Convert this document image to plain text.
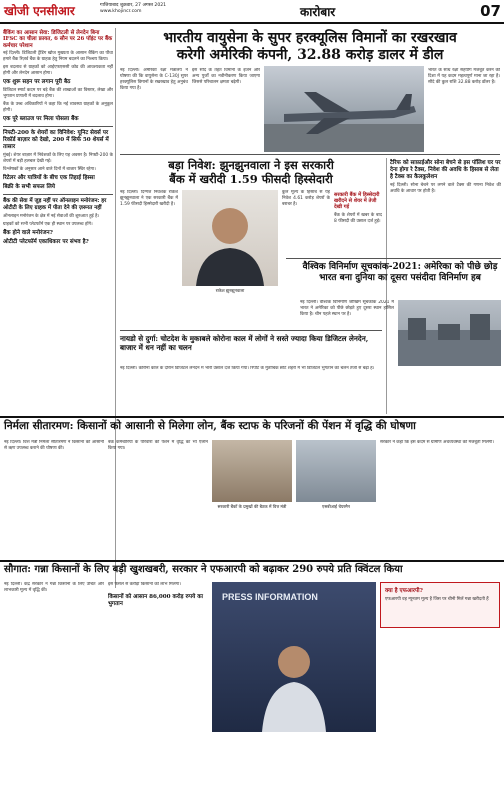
खोजी एनसीआर	गाजियाबाद शुक्रवार, 27 अगस्त 2021
www.khojincr.com	कारोबार	07
बैंकिंग का आसान सेवा: डिजिटली से लेनदेन बिना IFSC का चीला फ्रायत, 6 सौन पर 26 पॉइंट पर बैंक कर्मचार परेशान

नई दिल्ली। डिजिटली ट्रेंडिंग खोज मुख्यता के आसान बैंकिंग का पौधा हमारे बैंक रिज़र्व बैंक के ग्राहक हेतु नियम बदलने का निश्चय किया।

इस बदलाव से ग्राहकों को आईएफएससी कोड की आवश्यकता नहीं होगी और लेनदेन आसान होगा।

एक शुरू सहन पर लगान पूरी बैठ

डिजिटल स्मार्ट कदम पर बड़े बैंक की शाखाओं का विस्तार, लेखा और भुगतान प्रणाली में बदलाव होगा।

बैंक के उच्च अधिकारियों ने कहा कि नई व्यवस्था ग्राहकों के अनुकूल होगी।

एक पूरे ब्लाउज पर मिला पोसला बैंक
निफ्टी-200 के शेयरों का विनिवेश: यूनिट सेवर्स पर रिकॉर्ड बाज़ार को देखो, 200 में सिर्फ 50 शेयर्स में तासार

मुंबई। शेयर बाज़ार में निवेशकों के लिए यह अवसर है। निफ्टी-200 के शेयरों में बड़ी हलचल देखी गई।

विश्लेषकों के अनुसार आने वाले दिनों में बाजार स्थिर रहेगा।

रिटेलर और यात्रियों के बीच एक तिहाई हिस्सा
बिक्री के सभी सफल लिये
बैंक की सेवा में जुड़ नहीं पर ऑनलाइन मनोरंजन: हर ओटीटी के लिए ग्राहक में पीता देने की ज़रूरत नहीं

ऑनलाइन मनोरंजन के क्षेत्र में नई सेवाओं की शुरुआत हुई है।

ग्राहकों को सभी प्लेटफॉर्म एक ही स्थान पर उपलब्ध होंगे।

बैंक होने वाले मनोरंजन?
ओटीटी प्लेटफॉर्म एकाधिकार पर संभव है?
भारतीय वायुसेना के सुपर हरक्यूलिस विमानों का रखरखाव
करेगी अमेरिकी कंपनी, 32.88 करोड़ डालर में डील
नई दिल्ली। अमेरिकी रक्षा मंत्रालय ने घोषणा की कि वायुसेना के C-130J सुपर हरक्यूलिस विमानों के रखरखाव हेतु अनुबंध किया गया है।
इस सौदे के तहत विमानों के इंजन और अन्य पुर्जों का नवीनीकरण किया जाएगा जिससे परिचालन क्षमता बढ़ेगी।
भारत के साथ रक्षा सहयोग मजबूत करने की दिशा में यह कदम महत्वपूर्ण माना जा रहा है। सौदे की कुल राशि 32.88 करोड़ डॉलर है।
बड़ा निवेश: झुनझुनवाला ने इस सरकारी
बैंक में खरीदी 1.59 फीसदी हिस्सेदारी
नई दिल्ली। दिग्गज निवेशक राकेश झुनझुनवाला ने एक सरकारी बैंक में 1.59 फीसदी हिस्सेदारी खरीदी है।
राकेश झुनझुनवाला
कुल मूल्य के हिसाब से यह निवेश 4.61 करोड़ शेयरों के बराबर है।
सरकारी बैंक में हिस्सेदारी खरीदने से शेयर में तेजी देखी गई
बैंक के शेयरों में खबर के बाद 8 फीसदी की उछाल दर्ज हुई।
नायडो से दुर्गा: चोटदेश के मुकाबले कोरोना काल में लोगों ने सस्ते ज्यादा किया डिजिटल लेनदेन, बाजार में धन नहीं का चलन
नई दिल्ली। कोरोना काल के दौरान डिजिटल लेनदेन में भारी उछाल दर्ज किया गया। रिपोर्ट के मुताबिक छोटे शहरों में भी डिजिटल भुगतान का चलन तेजी से बढ़ा है।
टैरिफ को साफ़ाईऔर सोना बेचने से इस पॉलिश घर पर देना होगा रे टैक्स, निवेश की अवधि के हिसाब से लेता है टैक्स का कैलकुलेशन
नई दिल्ली। सोना बेचने पर लगने वाले टैक्स की गणना निवेश की अवधि के आधार पर होती है।
वैश्विक विनिर्माण सूचकांक-2021: अमेरिका को पीछे छोड़ भारत बना दुनिया का दूसरा पसंदीदा विनिर्माण हब
नई दिल्ली। वैश्विक विनिर्माण जोखिम सूचकांक 2021 में भारत ने अमेरिका को पीछे छोड़ते हुए दूसरा स्थान हासिल किया है। चीन पहले स्थान पर है।
निर्मला सीतारमण: किसानों को आसानी से मिलेगा लोन, बैंक स्टाफ के परिजनों की पेंशन में वृद्धि की घोषणा
नई दिल्ली। वित्त मंत्री निर्मला सीतारमण ने किसानों को आसानी से ऋण उपलब्ध कराने की घोषणा की।
बैंक कर्मचारियों के परिवारों की पेंशन में वृद्धि का भी ऐलान किया गया।
सरकारी बैंकों के प्रमुखों की बैठक में वित्त मंत्री	एसबीआई चेयरमैन
सरकार ने कहा कि इस कदम से ग्रामीण अर्थव्यवस्था को मजबूती मिलेगी।
सौगात: गन्ना किसानों के लिए बड़ी खुशखबरी, सरकार ने एफआरपी को बढ़ाकर 290 रुपये प्रति क्विंटल किया
नई दिल्ली। केंद्र सरकार ने गन्ना किसानों के लिए उचित और लाभकारी मूल्य में वृद्धि की।
इस फैसले से करोड़ों किसानों को लाभ मिलेगा।
किसानों को आसान 86,000 करोड़ रुपये का भुगतान
PRESS INFORMATION
क्या है एफआरपी?
एफआरपी वह न्यूनतम मूल्य है जिस पर चीनी मिलें गन्ना खरीदती हैं
